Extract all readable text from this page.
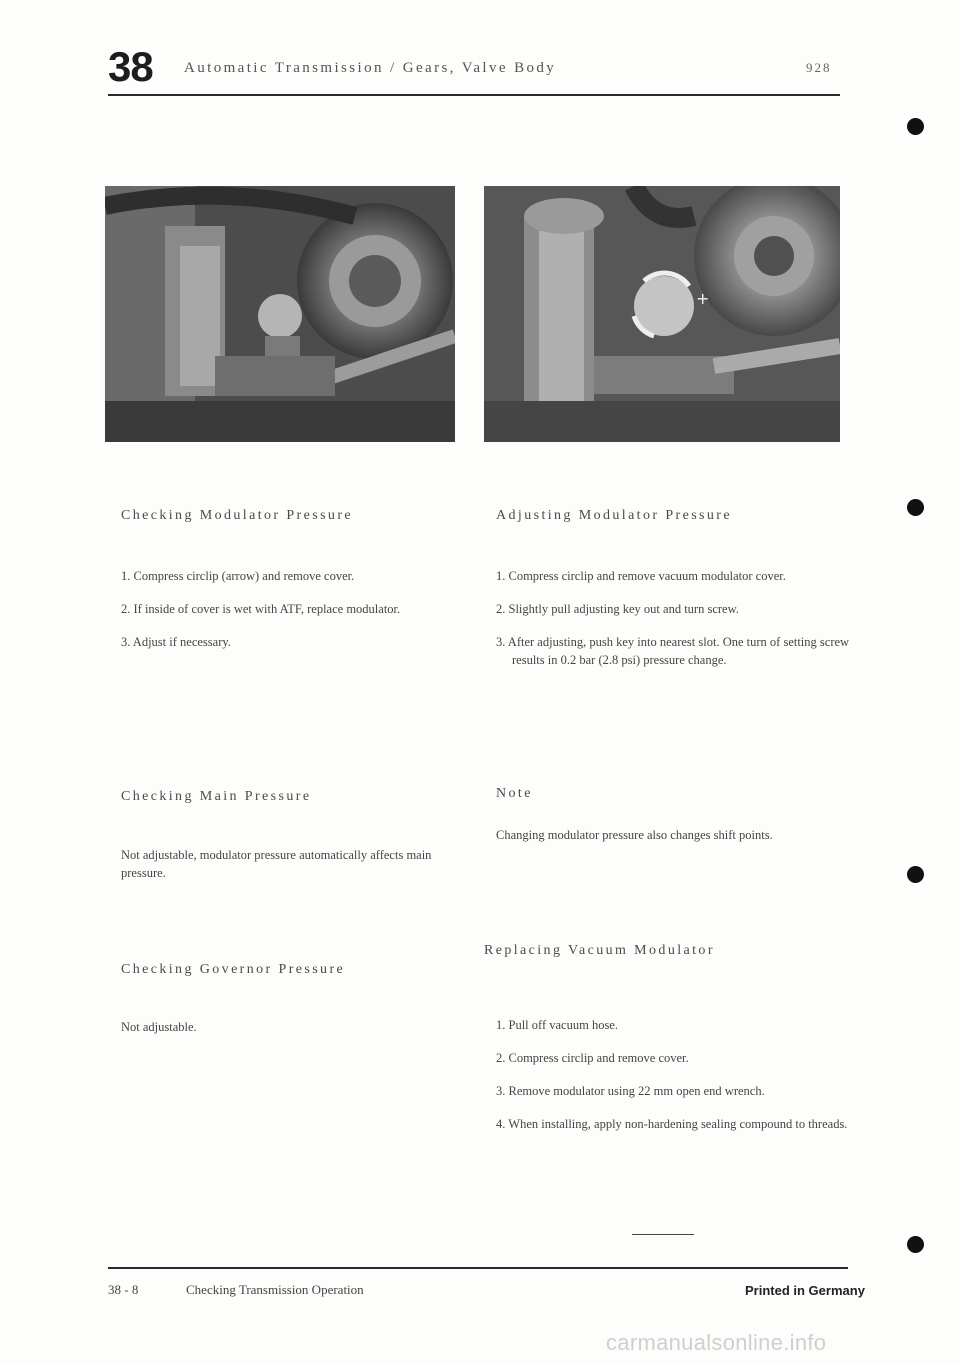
38 Automatic Transmission / Gears, Valve Body	928
+
Checking Modulator Pressure
1. Compress circlip (arrow) and remove cover.
2. If inside of cover is wet with ATF, replace modulator.
3. Adjust if necessary.
Checking Main Pressure
Not adjustable, modulator pressure automatically affects main pressure.
Checking Governor Pressure
Not adjustable.
Adjusting Modulator Pressure
1. Compress circlip and remove vacuum modulator cover.
2. Slightly pull adjusting key out and turn screw.
3. After adjusting, push key into nearest slot. One turn of setting screw results in 0.2 bar (2.8 psi) pressure change.
Note
Changing modulator pressure also changes shift points.
Replacing Vacuum Modulator
1. Pull off vacuum hose.
2. Compress circlip and remove cover.
3. Remove modulator using 22 mm open end wrench.
4. When installing, apply non-hardening sealing compound to threads.
38 - 8	Checking Transmission Operation	Printed in Germany
carmanualsonline.info
